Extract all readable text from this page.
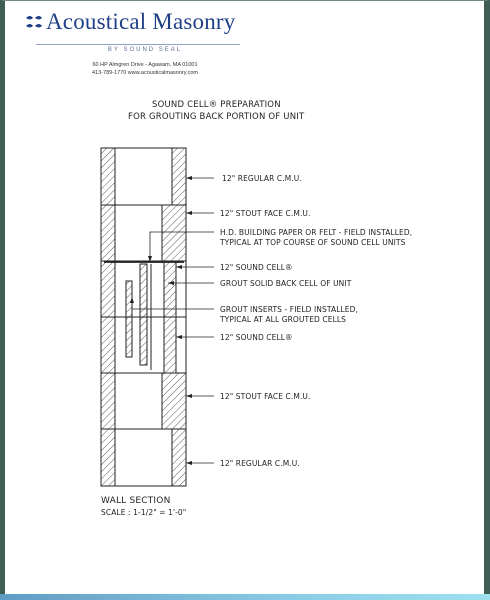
Acoustical Masonry
BY SOUND SEAL
60 HP Almgren Drive - Agawam, MA 01001
413-789-1770 www.acousticalmasonry.com
SOUND CELL® PREPARATION
FOR GROUTING BACK PORTION OF UNIT
12" REGULAR C.M.U.
12" STOUT FACE C.M.U.
H.D. BUILDING PAPER OR FELT - FIELD INSTALLED,
TYPICAL AT TOP COURSE OF SOUND CELL UNITS
12" SOUND CELL®
GROUT SOLID BACK CELL OF UNIT
GROUT INSERTS - FIELD INSTALLED,
TYPICAL AT ALL GROUTED CELLS
12" SOUND CELL®
12" STOUT FACE C.M.U.
12" REGULAR C.M.U.
WALL SECTION
SCALE : 1-1/2" = 1'-0"
